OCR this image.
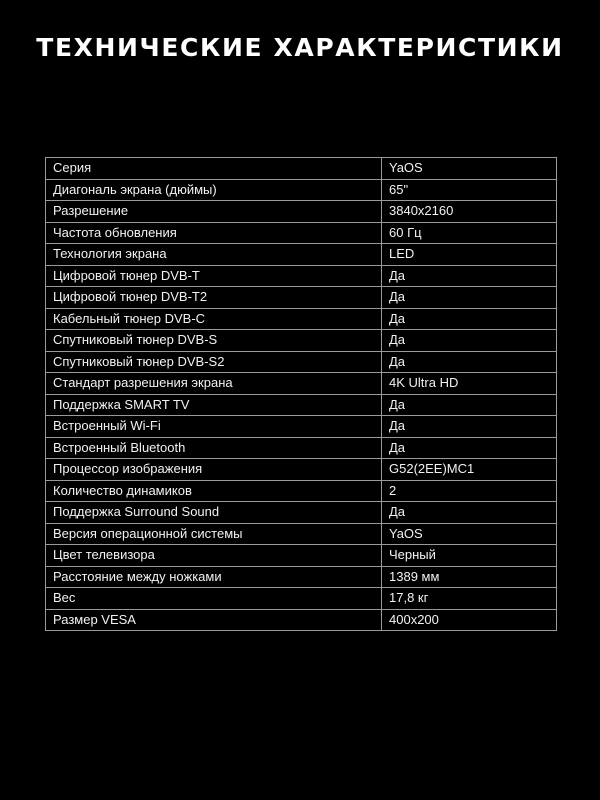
ТЕХНИЧЕСКИЕ ХАРАКТЕРИСТИКИ
Серия	YaOS
Диагональ экрана (дюймы)	65"
Разрешение	3840x2160
Частота обновления	60 Гц
Технология экрана	LED
Цифровой тюнер DVB-T	Да
Цифровой тюнер DVB-T2	Да
Кабельный тюнер DVB-C	Да
Спутниковый тюнер DVB-S	Да
Спутниковый тюнер DVB-S2	Да
Стандарт разрешения экрана	4K Ultra HD
Поддержка SMART TV	Да
Встроенный Wi-Fi	Да
Встроенный Bluetooth	Да
Процессор изображения	G52(2EE)MC1
Количество динамиков	2
Поддержка Surround Sound	Да
Версия операционной системы	YaOS
Цвет телевизора	Черный
Расстояние между ножками	1389 мм
Вес	17,8 кг
Размер VESA	400х200
